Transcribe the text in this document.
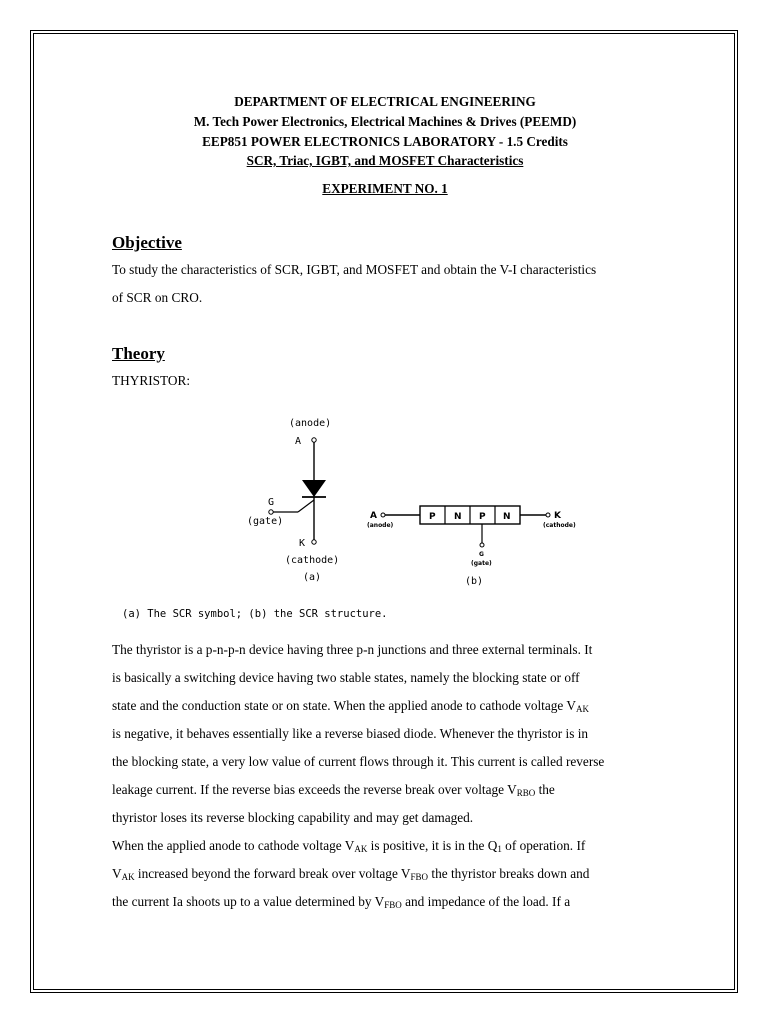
DEPARTMENT OF ELECTRICAL ENGINEERING
M. Tech Power Electronics, Electrical Machines & Drives (PEEMD)
EEP851 POWER ELECTRONICS LABORATORY - 1.5 Credits
SCR, Triac, IGBT, and MOSFET Characteristics
EXPERIMENT NO. 1
Objective
To study the characteristics of SCR, IGBT, and MOSFET and obtain the V-I characteristics
of SCR on CRO.
Theory
THYRISTOR:
(anode)
A
G
(gate)
K
(cathode)
(a)
A
(anode)
P N P N	K
(cathode)
G
(gate)
(b)
(a) The SCR symbol; (b) the SCR structure.
The thyristor is a p-n-p-n device having three p-n junctions and three external terminals. It
is basically a switching device having two stable states, namely the blocking state or off
state and the conduction state or on state. When the applied anode to cathode voltage $V_{AK}$
is negative, it behaves essentially like a reverse biased diode. Whenever the thyristor is in
the blocking state, a very low value of current flows through it. This current is called reverse
leakage current. If the reverse bias exceeds the reverse break over voltage $V_{RBO}$ the
thyristor loses its reverse blocking capability and may get damaged.
When the applied anode to cathode voltage $V_{AK}$ is positive, it is in the $Q_1$ of operation. If
$V_{AK}$ increased beyond the forward break over voltage $V_{FBO}$ the thyristor breaks down and
the current Ia shoots up to a value determined by $V_{FBO}$ and impedance of the load. If a
